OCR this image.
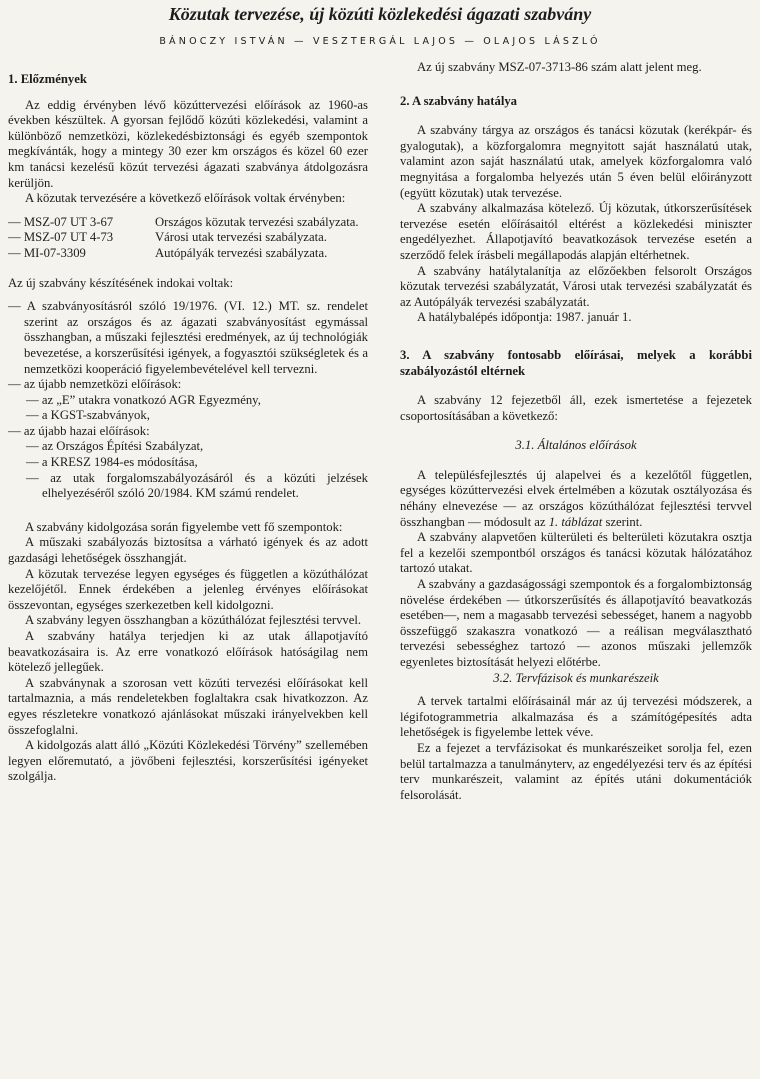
Közutak tervezése, új közúti közlekedési ágazati szabvány
BÁNOCZY ISTVÁN — VESZTERGÁL LAJOS — OLAJOS LÁSZLÓ
1. Előzmények

Az eddig érvényben lévő közúttervezési előírások az 1960-as években készültek. A gyorsan fejlődő közúti közlekedési, valamint a különböző nemzetközi, közlekedésbiztonsági és egyéb szempontok megkívánták, hogy a mintegy 30 ezer km országos és közel 60 ezer km tanácsi kezelésű közút tervezési ágazati szabványa átdolgozásra kerüljön.

A közutak tervezésére a következő előírások voltak érvényben:

— MSZ-07 UT 3-67	Országos közutak tervezési szabályzata.
— MSZ-07 UT 4-73	Városi utak tervezési szabályzata.
— MI-07-3309	Autópályák tervezési szabályzata.

Az új szabvány készítésének indokai voltak:

— A szabványosításról szóló 19/1976. (VI. 12.) MT. sz. rendelet szerint az országos és az ágazati szabványosítást egymással összhangban, a műszaki fejlesztési eredmények, az új technológiák bevezetése, a korszerűsítési igények, a fogyasztói szükségletek és a nemzetközi kooperáció figyelembevételével kell tervezni.

— az újabb nemzetközi előírások:

— az „E” utakra vonatkozó AGR Egyezmény,

— a KGST-szabványok,

— az újabb hazai előírások:

— az Országos Építési Szabályzat,

— a KRESZ 1984-es módosítása,

— az utak forgalomszabályozásáról és a közúti jelzések elhelyezéséről szóló 20/1984. KM számú rendelet.

A szabvány kidolgozása során figyelembe vett fő szempontok:

A műszaki szabályozás biztosítsa a várható igények és az adott gazdasági lehetőségek összhangját.

A közutak tervezése legyen egységes és független a közúthálózat kezelőjétől. Ennek érdekében a jelenleg érvényes előírásokat összevontan, egységes szerkezetben kell kidolgozni.

A szabvány legyen összhangban a közúthálózat fejlesztési tervvel.

A szabvány hatálya terjedjen ki az utak állapotjavító beavatkozásaira is. Az erre vonatkozó előírások hatóságilag nem kötelező jellegűek.

A szabványnak a szorosan vett közúti tervezési előírásokat kell tartalmaznia, a más rendeletekben foglaltakra csak hivatkozzon. Az egyes részletekre vonatkozó ajánlásokat műszaki irányelvekben kell összefoglalni.

A kidolgozás alatt álló „Közúti Közlekedési Törvény” szellemében legyen előremutató, a jövőbeni fejlesztési, korszerűsítési igényeket szolgálja.

Az új szabvány MSZ-07-3713-86 szám alatt jelent meg.

2. A szabvány hatálya

A szabvány tárgya az országos és tanácsi közutak (kerékpár- és gyalogutak), a közforgalomra megnyitott saját használatú utak, valamint azon saját használatú utak, amelyek közforgalomra való megnyitása a forgalomba helyezés után 5 éven belül előirányzott (együtt közutak) utak tervezése.

A szabvány alkalmazása kötelező. Új közutak, útkorszerűsítések tervezése esetén előírásaitól eltérést a közlekedési miniszter engedélyezhet. Állapotjavító beavatkozások tervezése esetén a szerződő felek írásbeli megállapodás alapján eltérhetnek.

A szabvány hatálytalanítja az előzőekben felsorolt Országos közutak tervezési szabályzatát, Városi utak tervezési szabályzatát és az Autópályák tervezési szabályzatát.

A hatálybalépés időpontja: 1987. január 1.

3. A szabvány fontosabb előírásai, melyek a korábbi szabályozástól eltérnek

A szabvány 12 fejezetből áll, ezek ismertetése a fejezetek csoportosításában a következő:

3.1. Általános előírások

A településfejlesztés új alapelvei és a kezelőtől független, egységes közúttervezési elvek értelmében a közutak osztályozása és néhány elnevezése — az országos közúthálózat fejlesztési tervvel összhangban — módosult az 1. táblázat szerint.

A szabvány alapvetően külterületi és belterületi közutakra osztja fel a kezelői szempontból országos és tanácsi közutak hálózatához tartozó utakat.

A szabvány a gazdaságossági szempontok és a forgalombiztonság növelése érdekében — útkorszerűsítés és állapotjavító beavatkozás esetében—, nem a magasabb tervezési sebességet, hanem a nagyobb összefüggő szakaszra vonatkozó — a reálisan megválasztható tervezési sebességhez tartozó — azonos műszaki jellemzők egyenletes biztosítását helyezi előtérbe.

3.2. Tervfázisok és munkarészeik

A tervek tartalmi előírásainál már az új tervezési módszerek, a légifotogrammetria alkalmazása és a számítógépesítés adta lehetőségek is figyelembe lettek véve.

Ez a fejezet a tervfázisokat és munkarészeiket sorolja fel, ezen belül tartalmazza a tanulmányterv, az engedélyezési terv és az építési terv munkarészeit, valamint az építés utáni dokumentációk felsorolását.
